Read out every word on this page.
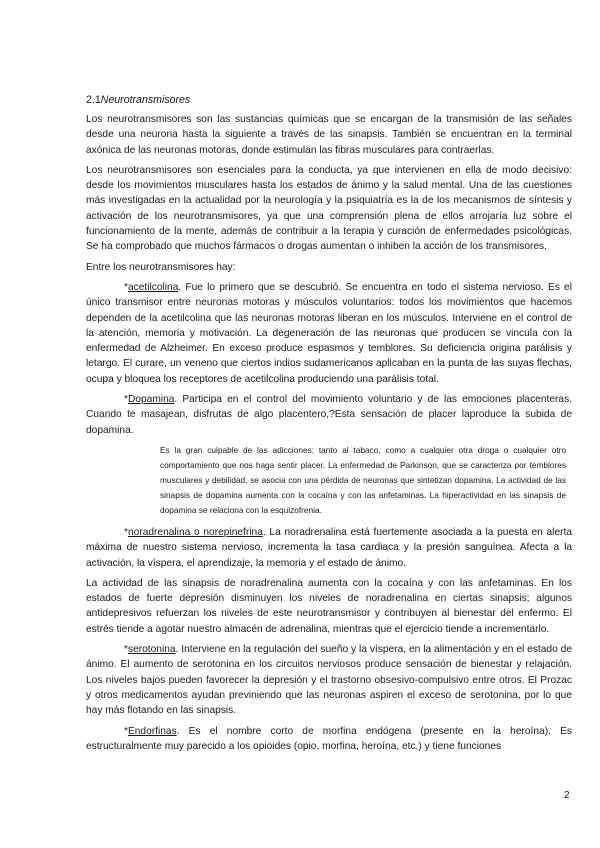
2.1Neurotransmisores

Los neurotransmisores son las sustancias químicas que se encargan de la transmisión de las señales desde una neurona hasta la siguiente a través de las sinapsis. También se encuentran en la terminal axónica de las neuronas motoras, donde estimulan las fibras musculares para contraerlas.

Los neurotransmisores son esenciales para la conducta, ya que intervienen en ella de modo decisivo: desde los movimientos musculares hasta los estados de ánimo y la salud mental. Una de las cuestiones más investigadas en la actualidad por la neurología y la psiquiatría es la de los mecanismos de síntesis y activación de los neurotransmisores, ya que una comprensión plena de ellos arrojaría luz sobre el funcionamiento de la mente, además de contribuir a la terapia y curación de enfermedades psicológicas. Se ha comprobado que muchos fármacos o drogas aumentan o inhiben la acción de los transmisores.

Entre los neurotransmisores hay:

*acetilcolina. Fue lo primero que se descubrió. Se encuentra en todo el sistema nervioso. Es el único transmisor entre neuronas motoras y músculos voluntarios: todos los movimientos que hacemos dependen de la acetilcolina que las neuronas motoras liberan en los músculos. Interviene en el control de la atención, memoria y motivación. La degeneración de las neuronas que producen se vincula con la enfermedad de Alzheimer. En exceso produce espasmos y temblores. Su deficiencia origina parálisis y letargo. El curare, un veneno que ciertos indios sudamericanos aplicaban en la punta de las suyas flechas, ocupa y bloquea los receptores de acetilcolina produciendo una parálisis total.

*Dopamina. Participa en el control del movimiento voluntario y de las emociones placenteras. Cuando te masajean, disfrutas de algo placentero,?Esta sensación de placer laproduce la subida de dopamina.

Es la gran culpable de las adicciones: tanto al tabaco, como a cualquier otra droga o cualquier otro comportamiento que nos haga sentir placer. La enfermedad de Parkinson, que se caracteriza por temblores musculares y debilidad, se asocia con una pérdida de neuronas que sintetizan dopamina. La actividad de las sinapsis de dopamina aumenta con la cocaína y con las anfetaminas. La hiperactividad en las sinapsis de dopamina se relaciona con la esquizofrenia.

*noradrenalina o norepinefrina. La noradrenalina está fuertemente asociada a la puesta en alerta máxima de nuestro sistema nervioso, incrementa la tasa cardiaca y la presión sanguínea. Afecta a la activación, la víspera, el aprendizaje, la memoria y el estado de ánimo.

La actividad de las sinapsis de noradrenalina aumenta con la cocaína y con las anfetaminas. En los estados de fuerte depresión disminuyen los niveles de noradrenalina en ciertas sinapsis; algunos antidepresivos refuerzan los niveles de este neurotransmisor y contribuyen al bienestar del enfermo. El estrés tiende a agotar nuestro almacén de adrenalina, mientras que el ejercicio tiende a incrementarlo.

*serotonina. Interviene en la regulación del sueño y la víspera, en la alimentación y en el estado de ánimo. El aumento de serotonina en los circuitos nerviosos produce sensación de bienestar y relajación. Los niveles bajos pueden favorecer la depresión y el trastorno obsesivo-compulsivo entre otros. El Prozac y otros medicamentos ayudan previniendo que las neuronas aspiren el exceso de serotonina, por lo que hay más flotando en las sinapsis.

*Endorfinas. Es el nombre corto de morfina endógena (presente en la heroína). Es estructuralmente muy parecido a los opioides (opio, morfina, heroína, etc.) y tiene funciones

2
